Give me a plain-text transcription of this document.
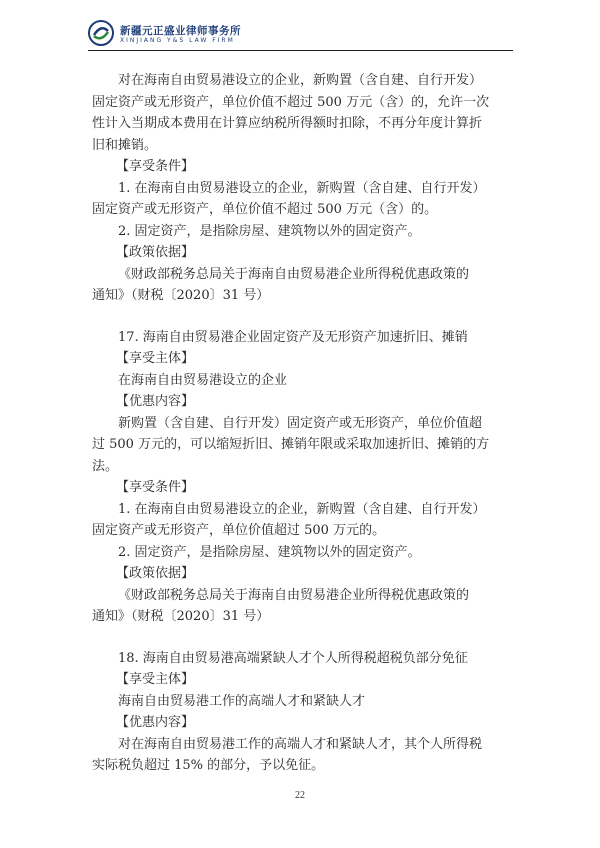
新疆元正盛业律师事务所
XINJIANG Y&S LAW FIRM
对在海南自由贸易港设立的企业，新购置（含自建、自行开发）
固定资产或无形资产，单位价值不超过 500 万元（含）的，允许一次
性计入当期成本费用在计算应纳税所得额时扣除，不再分年度计算折
旧和摊销。
【享受条件】
1. 在海南自由贸易港设立的企业，新购置（含自建、自行开发）
固定资产或无形资产，单位价值不超过 500 万元（含）的。
2. 固定资产，是指除房屋、建筑物以外的固定资产。
【政策依据】
《财政部税务总局关于海南自由贸易港企业所得税优惠政策的
通知》（财税〔2020〕31 号）
17. 海南自由贸易港企业固定资产及无形资产加速折旧、摊销
【享受主体】
在海南自由贸易港设立的企业
【优惠内容】
新购置（含自建、自行开发）固定资产或无形资产，单位价值超
过 500 万元的，可以缩短折旧、摊销年限或采取加速折旧、摊销的方
法。
【享受条件】
1. 在海南自由贸易港设立的企业，新购置（含自建、自行开发）
固定资产或无形资产，单位价值超过 500 万元的。
2. 固定资产，是指除房屋、建筑物以外的固定资产。
【政策依据】
《财政部税务总局关于海南自由贸易港企业所得税优惠政策的
通知》（财税〔2020〕31 号）
18. 海南自由贸易港高端紧缺人才个人所得税超税负部分免征
【享受主体】
海南自由贸易港工作的高端人才和紧缺人才
【优惠内容】
对在海南自由贸易港工作的高端人才和紧缺人才，其个人所得税
实际税负超过 15% 的部分，予以免征。
22
